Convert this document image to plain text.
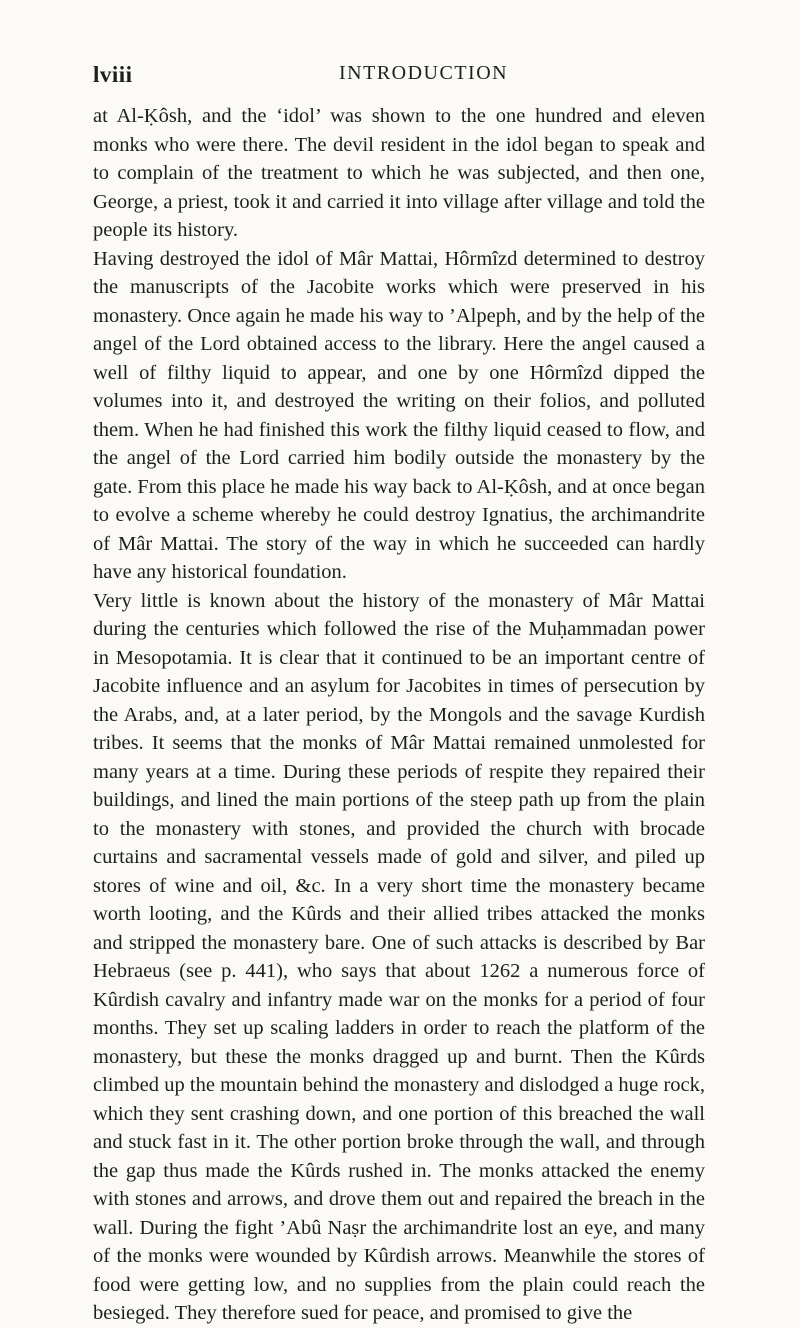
lviii	INTRODUCTION

at Al-Ḳôsh, and the ‘idol’ was shown to the one hundred and eleven monks who were there. The devil resident in the idol began to speak and to complain of the treatment to which he was subjected, and then one, George, a priest, took it and carried it into village after village and told the people its history.

Having destroyed the idol of Mâr Mattai, Hôrmîzd determined to destroy the manuscripts of the Jacobite works which were preserved in his monastery. Once again he made his way to ’Alpeph, and by the help of the angel of the Lord obtained access to the library. Here the angel caused a well of filthy liquid to appear, and one by one Hôrmîzd dipped the volumes into it, and destroyed the writing on their folios, and polluted them. When he had finished this work the filthy liquid ceased to flow, and the angel of the Lord carried him bodily outside the monastery by the gate. From this place he made his way back to Al-Ḳôsh, and at once began to evolve a scheme whereby he could destroy Ignatius, the archimandrite of Mâr Mattai. The story of the way in which he succeeded can hardly have any historical foundation.

Very little is known about the history of the monastery of Mâr Mattai during the centuries which followed the rise of the Muḥammadan power in Mesopotamia. It is clear that it continued to be an important centre of Jacobite influence and an asylum for Jacobites in times of persecution by the Arabs, and, at a later period, by the Mongols and the savage Kurdish tribes. It seems that the monks of Mâr Mattai remained unmolested for many years at a time. During these periods of respite they repaired their buildings, and lined the main portions of the steep path up from the plain to the monastery with stones, and provided the church with brocade curtains and sacramental vessels made of gold and silver, and piled up stores of wine and oil, &c. In a very short time the monastery became worth looting, and the Kûrds and their allied tribes attacked the monks and stripped the monastery bare. One of such attacks is described by Bar Hebraeus (see p. 441), who says that about 1262 a numerous force of Kûrdish cavalry and infantry made war on the monks for a period of four months. They set up scaling ladders in order to reach the platform of the monastery, but these the monks dragged up and burnt. Then the Kûrds climbed up the mountain behind the monastery and dislodged a huge rock, which they sent crashing down, and one portion of this breached the wall and stuck fast in it. The other portion broke through the wall, and through the gap thus made the Kûrds rushed in. The monks attacked the enemy with stones and arrows, and drove them out and repaired the breach in the wall. During the fight ’Abû Naṣr the archimandrite lost an eye, and many of the monks were wounded by Kûrdish arrows. Meanwhile the stores of food were getting low, and no supplies from the plain could reach the besieged. They therefore sued for peace, and promised to give the
